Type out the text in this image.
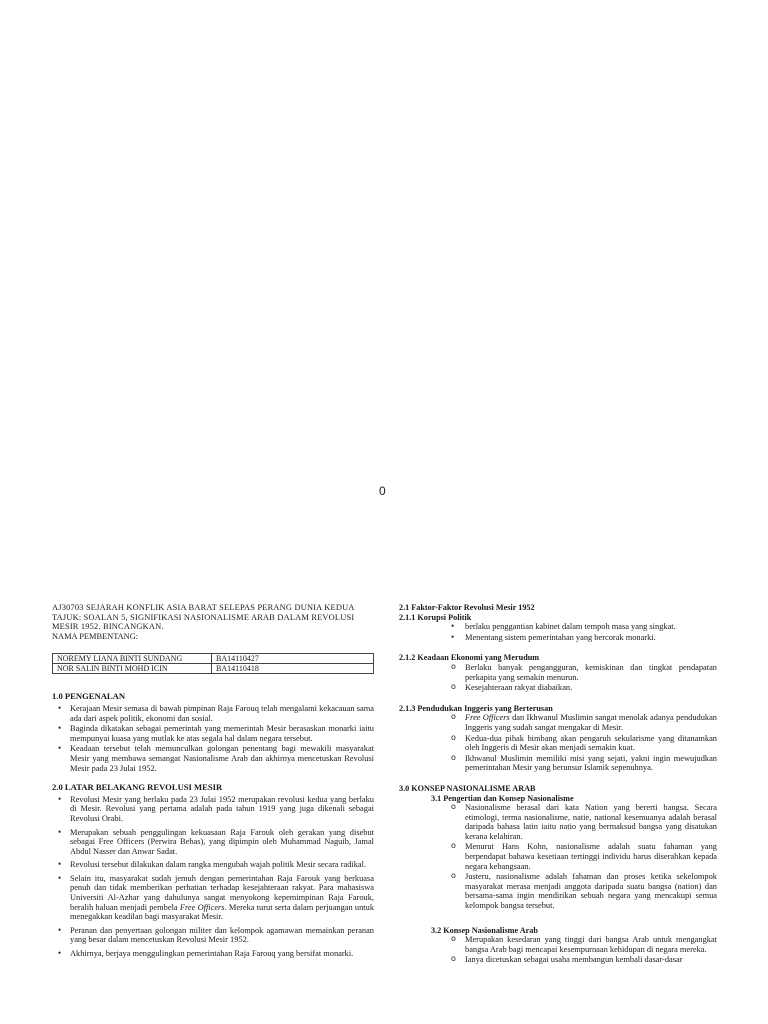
0

AJ30703 SEJARAH KONFLIK ASIA BARAT SELEPAS PERANG DUNIA KEDUA

TAJUK: SOALAN 5, SIGNIFIKASI NASIONALISME ARAB DALAM REVOLUSI

MESIR 1952. BINCANGKAN.

NAMA PEMBENTANG:

NOREMY LIANA BINTI SUNDANG	BA14110427
NOR SALIN BINTI MOHD ICIN	BA14110418
1.0 PENGENALAN
• Kerajaan Mesir semasa di bawah pimpinan Raja Farouq telah mengalami kekacauan sama ada dari aspek politik, ekonomi dan sosial.
• Baginda dikatakan sebagai pemerintah yang memerintah Mesir berasaskan monarki iaitu mempunyai kuasa yang mutlak ke atas segala hal dalam negara tersebut.
• Keadaan tersebut telah memunculkan golongan penentang bagi mewakili masyarakat Mesir yang membawa semangat Nasionalisme Arab dan akhirnya mencetuskan Revolusi Mesir pada 23 Julai 1952.
2.0 LATAR BELAKANG REVOLUSI MESIR
• Revolusi Mesir yang berlaku pada 23 Julai 1952 merupakan revolusi kedua yang berlaku di Mesir. Revolusi yang pertama adalah pada tahun 1919 yang juga dikenali sebagai Revolusi Orabi.
• Merupakan sebuah penggulingan kekuasaan Raja Farouk oleh gerakan yang disebut sebagai Free Officers (Perwira Bebas), yang dipimpin oleh Muhammad Naguib, Jamal Abdul Nasser dan Anwar Sadat.
• Revolusi tersebut dilakukan dalam rangka mengubah wajah politik Mesir secara radikal.
• Selain itu, masyarakat sudah jemuh dengan pemerintahan Raja Farouk yang berkuasa penuh dan tidak memberikan perhatian terhadap kesejahteraan rakyat. Para mahasiswa Universiti Al-Azhar yang dahulunya sangat menyokong kepemimpinan Raja Farouk, beralih haluan menjadi pembela Free Officers. Mereka turut serta dalam perjuangan untuk menegakkan keadilan bagi masyarakat Mesir.
• Peranan dan penyertaan golongan militer dan kelompok agamawan memainkan peranan yang besar dalam mencetuskan Revolusi Mesir 1952.
• Akhirnya, berjaya menggulingkan pemerintahan Raja Farouq yang bersifat monarki.
2.1 Faktor-Faktor Revolusi Mesir 1952
2.1.1 Korupsi Politik
• berlaku penggantian kabinet dalam tempoh masa yang singkat.
• Menentang sistem pemerintahan yang bercorak monarki.
2.1.2 Keadaan Ekonomi yang Merudum
o Berlaku banyak pengangguran, kemiskinan dan tingkat pendapatan perkapita yang semakin menurun.
o Kesejahteraan rakyat diabaikan.
2.1.3 Pendudukan Inggeris yang Berterusan
o Free Officers dan Ikhwanul Muslimin sangat menolak adanya pendudukan Inggeris yang sudah sangat mengakar di Mesir.
o Kedua-dua pihak bimbang akan pengaruh sekularisme yang ditanamkan oleh Inggeris di Mesir akan menjadi semakin kuat.
o Ikhwanul Muslimin memiliki misi yang sejati, yakni ingin mewujudkan pemerintahan Mesir yang berunsur Islamik sepenuhnya.
3.0 KONSEP NASIONALISME ARAB
3.1 Pengertian dan Konsep Nasionalisme
o Nasionalisme berasal dari kata Nation yang bererti bangsa. Secara etimologi, terma nasionalisme, natie, national kesemuanya adalah berasal daripada bahasa latin iaitu natio yang bermaksud bangsa yang disatukan kerana kelahiran.
o Menurut Hans Kohn, nasionalisme adalah suatu fahaman yang berpendapat bahawa kesetiaan tertinggi individu harus diserahkan kepada negara kebangsaan.
o Justeru, nasionalisme adalah fahaman dan proses ketika sekelompok masyarakat merasa menjadi anggota daripada suatu bangsa (nation) dan bersama-sama ingin mendirikan sebuah negara yang mencakupi semua kelompok bangsa tersebut.
3.2 Konsep Nasionalisme Arab
o Merupakan kesedaran yang tinggi dari bangsa Arab untuk mengangkat bangsa Arab bagi mencapai kesempurnaan kehidupan di negara mereka.
o Ianya dicetuskan sebagai usaha membangun kembali dasar-dasar
